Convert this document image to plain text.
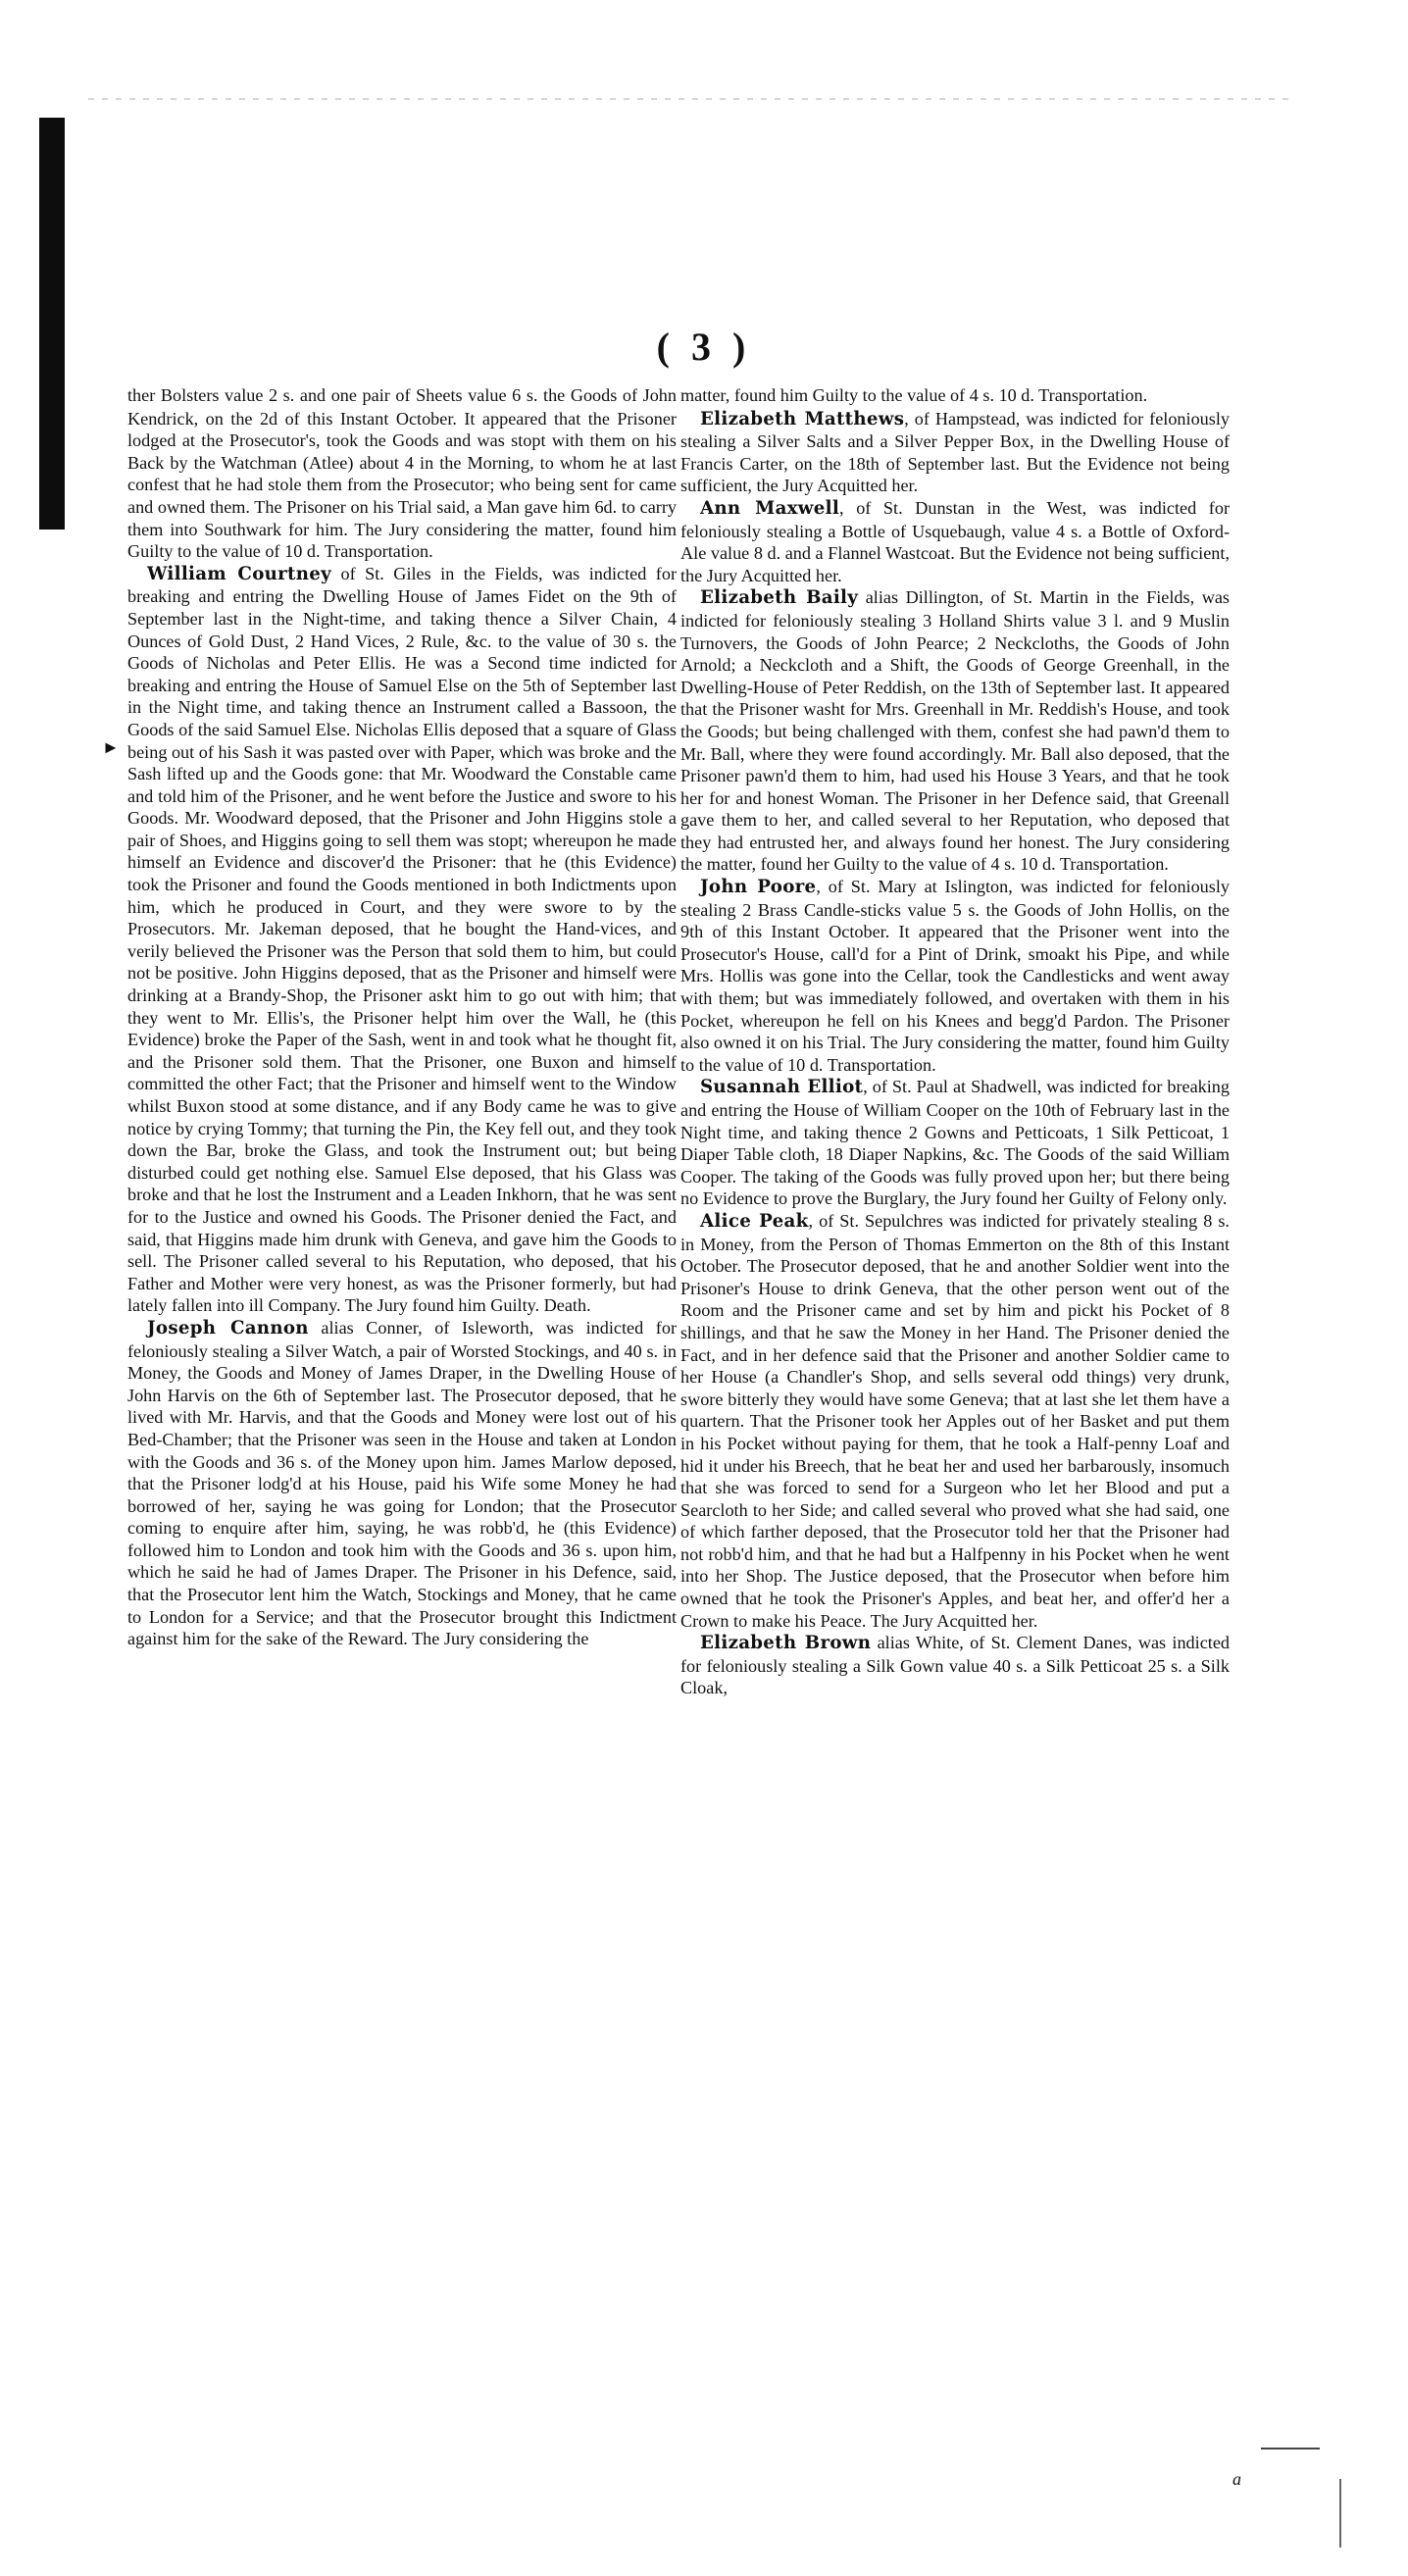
( 3 )
►

ther Bolsters value 2 s. and one pair of Sheets value 6 s. the Goods of John Kendrick, on the 2d of this Instant October. It appeared that the Prisoner lodged at the Prosecutor's, took the Goods and was stopt with them on his Back by the Watchman (Atlee) about 4 in the Morning, to whom he at last confest that he had stole them from the Prosecutor; who being sent for came and owned them. The Prisoner on his Trial said, a Man gave him 6d. to carry them into Southwark for him. The Jury considering the matter, found him Guilty to the value of 10 d. Transportation.

William Courtney of St. Giles in the Fields, was indicted for breaking and entring the Dwelling House of James Fidet on the 9th of September last in the Night-time, and taking thence a Silver Chain, 4 Ounces of Gold Dust, 2 Hand Vices, 2 Rule, &c. to the value of 30 s. the Goods of Nicholas and Peter Ellis. He was a Second time indicted for breaking and entring the House of Samuel Else on the 5th of September last in the Night time, and taking thence an Instrument called a Bassoon, the Goods of the said Samuel Else. Nicholas Ellis deposed that a square of Glass being out of his Sash it was pasted over with Paper, which was broke and the Sash lifted up and the Goods gone: that Mr. Woodward the Constable came and told him of the Prisoner, and he went before the Justice and swore to his Goods. Mr. Woodward deposed, that the Prisoner and John Higgins stole a pair of Shoes, and Higgins going to sell them was stopt; whereupon he made himself an Evidence and discover'd the Prisoner: that he (this Evidence) took the Prisoner and found the Goods mentioned in both Indictments upon him, which he produced in Court, and they were swore to by the Prosecutors. Mr. Jakeman deposed, that he bought the Hand-vices, and verily believed the Prisoner was the Person that sold them to him, but could not be positive. John Higgins deposed, that as the Prisoner and himself were drinking at a Brandy-Shop, the Prisoner askt him to go out with him; that they went to Mr. Ellis's, the Prisoner helpt him over the Wall, he (this Evidence) broke the Paper of the Sash, went in and took what he thought fit, and the Prisoner sold them. That the Prisoner, one Buxon and himself committed the other Fact; that the Prisoner and himself went to the Window whilst Buxon stood at some distance, and if any Body came he was to give notice by crying Tommy; that turning the Pin, the Key fell out, and they took down the Bar, broke the Glass, and took the Instrument out; but being disturbed could get nothing else. Samuel Else deposed, that his Glass was broke and that he lost the Instrument and a Leaden Inkhorn, that he was sent for to the Justice and owned his Goods. The Prisoner denied the Fact, and said, that Higgins made him drunk with Geneva, and gave him the Goods to sell. The Prisoner called several to his Reputation, who deposed, that his Father and Mother were very honest, as was the Prisoner formerly, but had lately fallen into ill Company. The Jury found him Guilty. Death.

Joseph Cannon alias Conner, of Isleworth, was indicted for feloniously stealing a Silver Watch, a pair of Worsted Stockings, and 40 s. in Money, the Goods and Money of James Draper, in the Dwelling House of John Harvis on the 6th of September last. The Prosecutor deposed, that he lived with Mr. Harvis, and that the Goods and Money were lost out of his Bed-Chamber; that the Prisoner was seen in the House and taken at London with the Goods and 36 s. of the Money upon him. James Marlow deposed, that the Prisoner lodg'd at his House, paid his Wife some Money he had borrowed of her, saying he was going for London; that the Prosecutor coming to enquire after him, saying, he was robb'd, he (this Evidence) followed him to London and took him with the Goods and 36 s. upon him, which he said he had of James Draper. The Prisoner in his Defence, said, that the Prosecutor lent him the Watch, Stockings and Money, that he came to London for a Service; and that the Prosecutor brought this Indictment against him for the sake of the Reward. The Jury considering the

matter, found him Guilty to the value of 4 s. 10 d. Transportation.

Elizabeth Matthews, of Hampstead, was indicted for feloniously stealing a Silver Salts and a Silver Pepper Box, in the Dwelling House of Francis Carter, on the 18th of September last. But the Evidence not being sufficient, the Jury Acquitted her.

Ann Maxwell, of St. Dunstan in the West, was indicted for feloniously stealing a Bottle of Usquebaugh, value 4 s. a Bottle of Oxford-Ale value 8 d. and a Flannel Wastcoat. But the Evidence not being sufficient, the Jury Acquitted her.

Elizabeth Baily alias Dillington, of St. Martin in the Fields, was indicted for feloniously stealing 3 Holland Shirts value 3 l. and 9 Muslin Turnovers, the Goods of John Pearce; 2 Neckcloths, the Goods of John Arnold; a Neckcloth and a Shift, the Goods of George Greenhall, in the Dwelling-House of Peter Reddish, on the 13th of September last. It appeared that the Prisoner washt for Mrs. Greenhall in Mr. Reddish's House, and took the Goods; but being challenged with them, confest she had pawn'd them to Mr. Ball, where they were found accordingly. Mr. Ball also deposed, that the Prisoner pawn'd them to him, had used his House 3 Years, and that he took her for and honest Woman. The Prisoner in her Defence said, that Greenall gave them to her, and called several to her Reputation, who deposed that they had entrusted her, and always found her honest. The Jury considering the matter, found her Guilty to the value of 4 s. 10 d. Transportation.

John Poore, of St. Mary at Islington, was indicted for feloniously stealing 2 Brass Candle-sticks value 5 s. the Goods of John Hollis, on the 9th of this Instant October. It appeared that the Prisoner went into the Prosecutor's House, call'd for a Pint of Drink, smoakt his Pipe, and while Mrs. Hollis was gone into the Cellar, took the Candlesticks and went away with them; but was immediately followed, and overtaken with them in his Pocket, whereupon he fell on his Knees and begg'd Pardon. The Prisoner also owned it on his Trial. The Jury considering the matter, found him Guilty to the value of 10 d. Transportation.

Susannah Elliot, of St. Paul at Shadwell, was indicted for breaking and entring the House of William Cooper on the 10th of February last in the Night time, and taking thence 2 Gowns and Petticoats, 1 Silk Petticoat, 1 Diaper Table cloth, 18 Diaper Napkins, &c. The Goods of the said William Cooper. The taking of the Goods was fully proved upon her; but there being no Evidence to prove the Burglary, the Jury found her Guilty of Felony only.

Alice Peak, of St. Sepulchres was indicted for privately stealing 8 s. in Money, from the Person of Thomas Emmerton on the 8th of this Instant October. The Prosecutor deposed, that he and another Soldier went into the Prisoner's House to drink Geneva, that the other person went out of the Room and the Prisoner came and set by him and pickt his Pocket of 8 shillings, and that he saw the Money in her Hand. The Prisoner denied the Fact, and in her defence said that the Prisoner and another Soldier came to her House (a Chandler's Shop, and sells several odd things) very drunk, swore bitterly they would have some Geneva; that at last she let them have a quartern. That the Prisoner took her Apples out of her Basket and put them in his Pocket without paying for them, that he took a Half-penny Loaf and hid it under his Breech, that he beat her and used her barbarously, insomuch that she was forced to send for a Surgeon who let her Blood and put a Searcloth to her Side; and called several who proved what she had said, one of which farther deposed, that the Prosecutor told her that the Prisoner had not robb'd him, and that he had but a Halfpenny in his Pocket when he went into her Shop. The Justice deposed, that the Prosecutor when before him owned that he took the Prisoner's Apples, and beat her, and offer'd her a Crown to make his Peace. The Jury Acquitted her.

Elizabeth Brown alias White, of St. Clement Danes, was indicted for feloniously stealing a Silk Gown value 40 s. a Silk Petticoat 25 s. a Silk Cloak,

a
